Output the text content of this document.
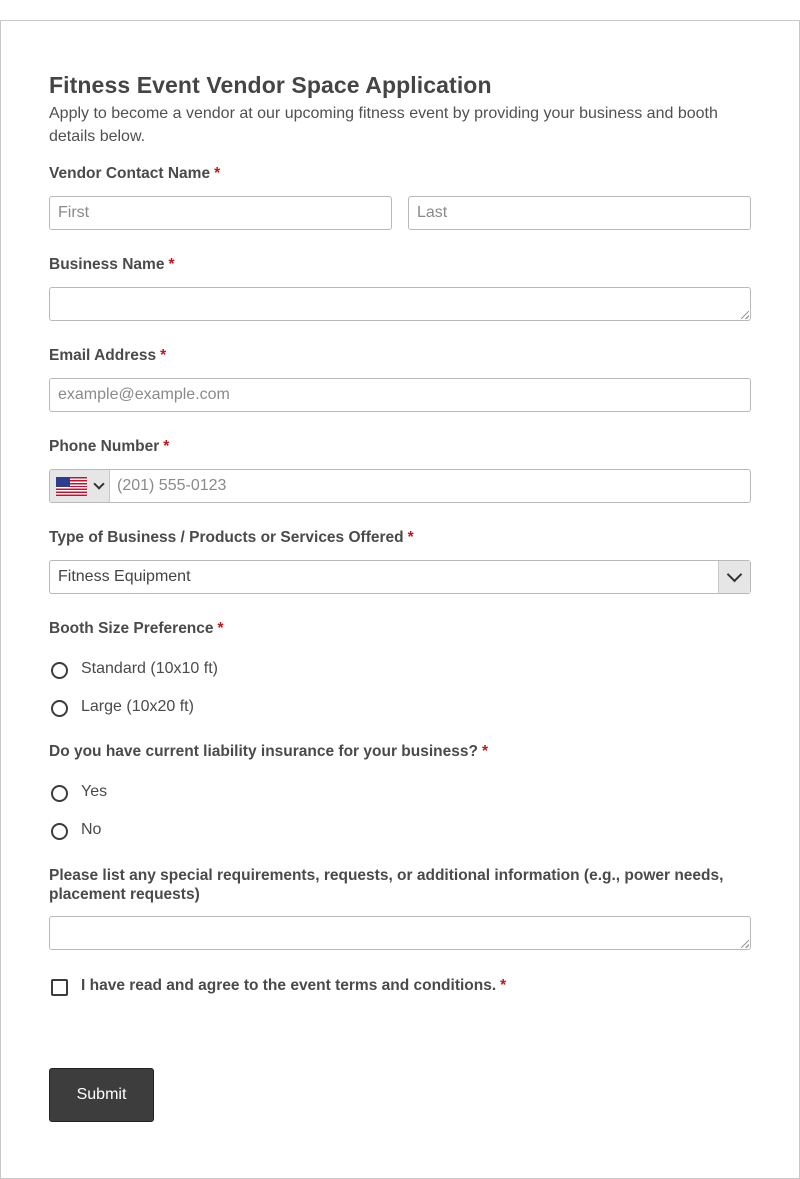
Fitness Event Vendor Space Application

Apply to become a vendor at our upcoming fitness event by providing your business and booth details below.

Vendor Contact Name *
First
Last
Business Name *
Email Address *
example@example.com
Phone Number *
(201) 555-0123
Type of Business / Products or Services Offered *
Fitness Equipment
Booth Size Preference *
Standard (10x10 ft)
Large (10x20 ft)
Do you have current liability insurance for your business? *
Yes
No
Please list any special requirements, requests, or additional information (e.g., power needs, placement requests)
I have read and agree to the event terms and conditions. *
Submit
